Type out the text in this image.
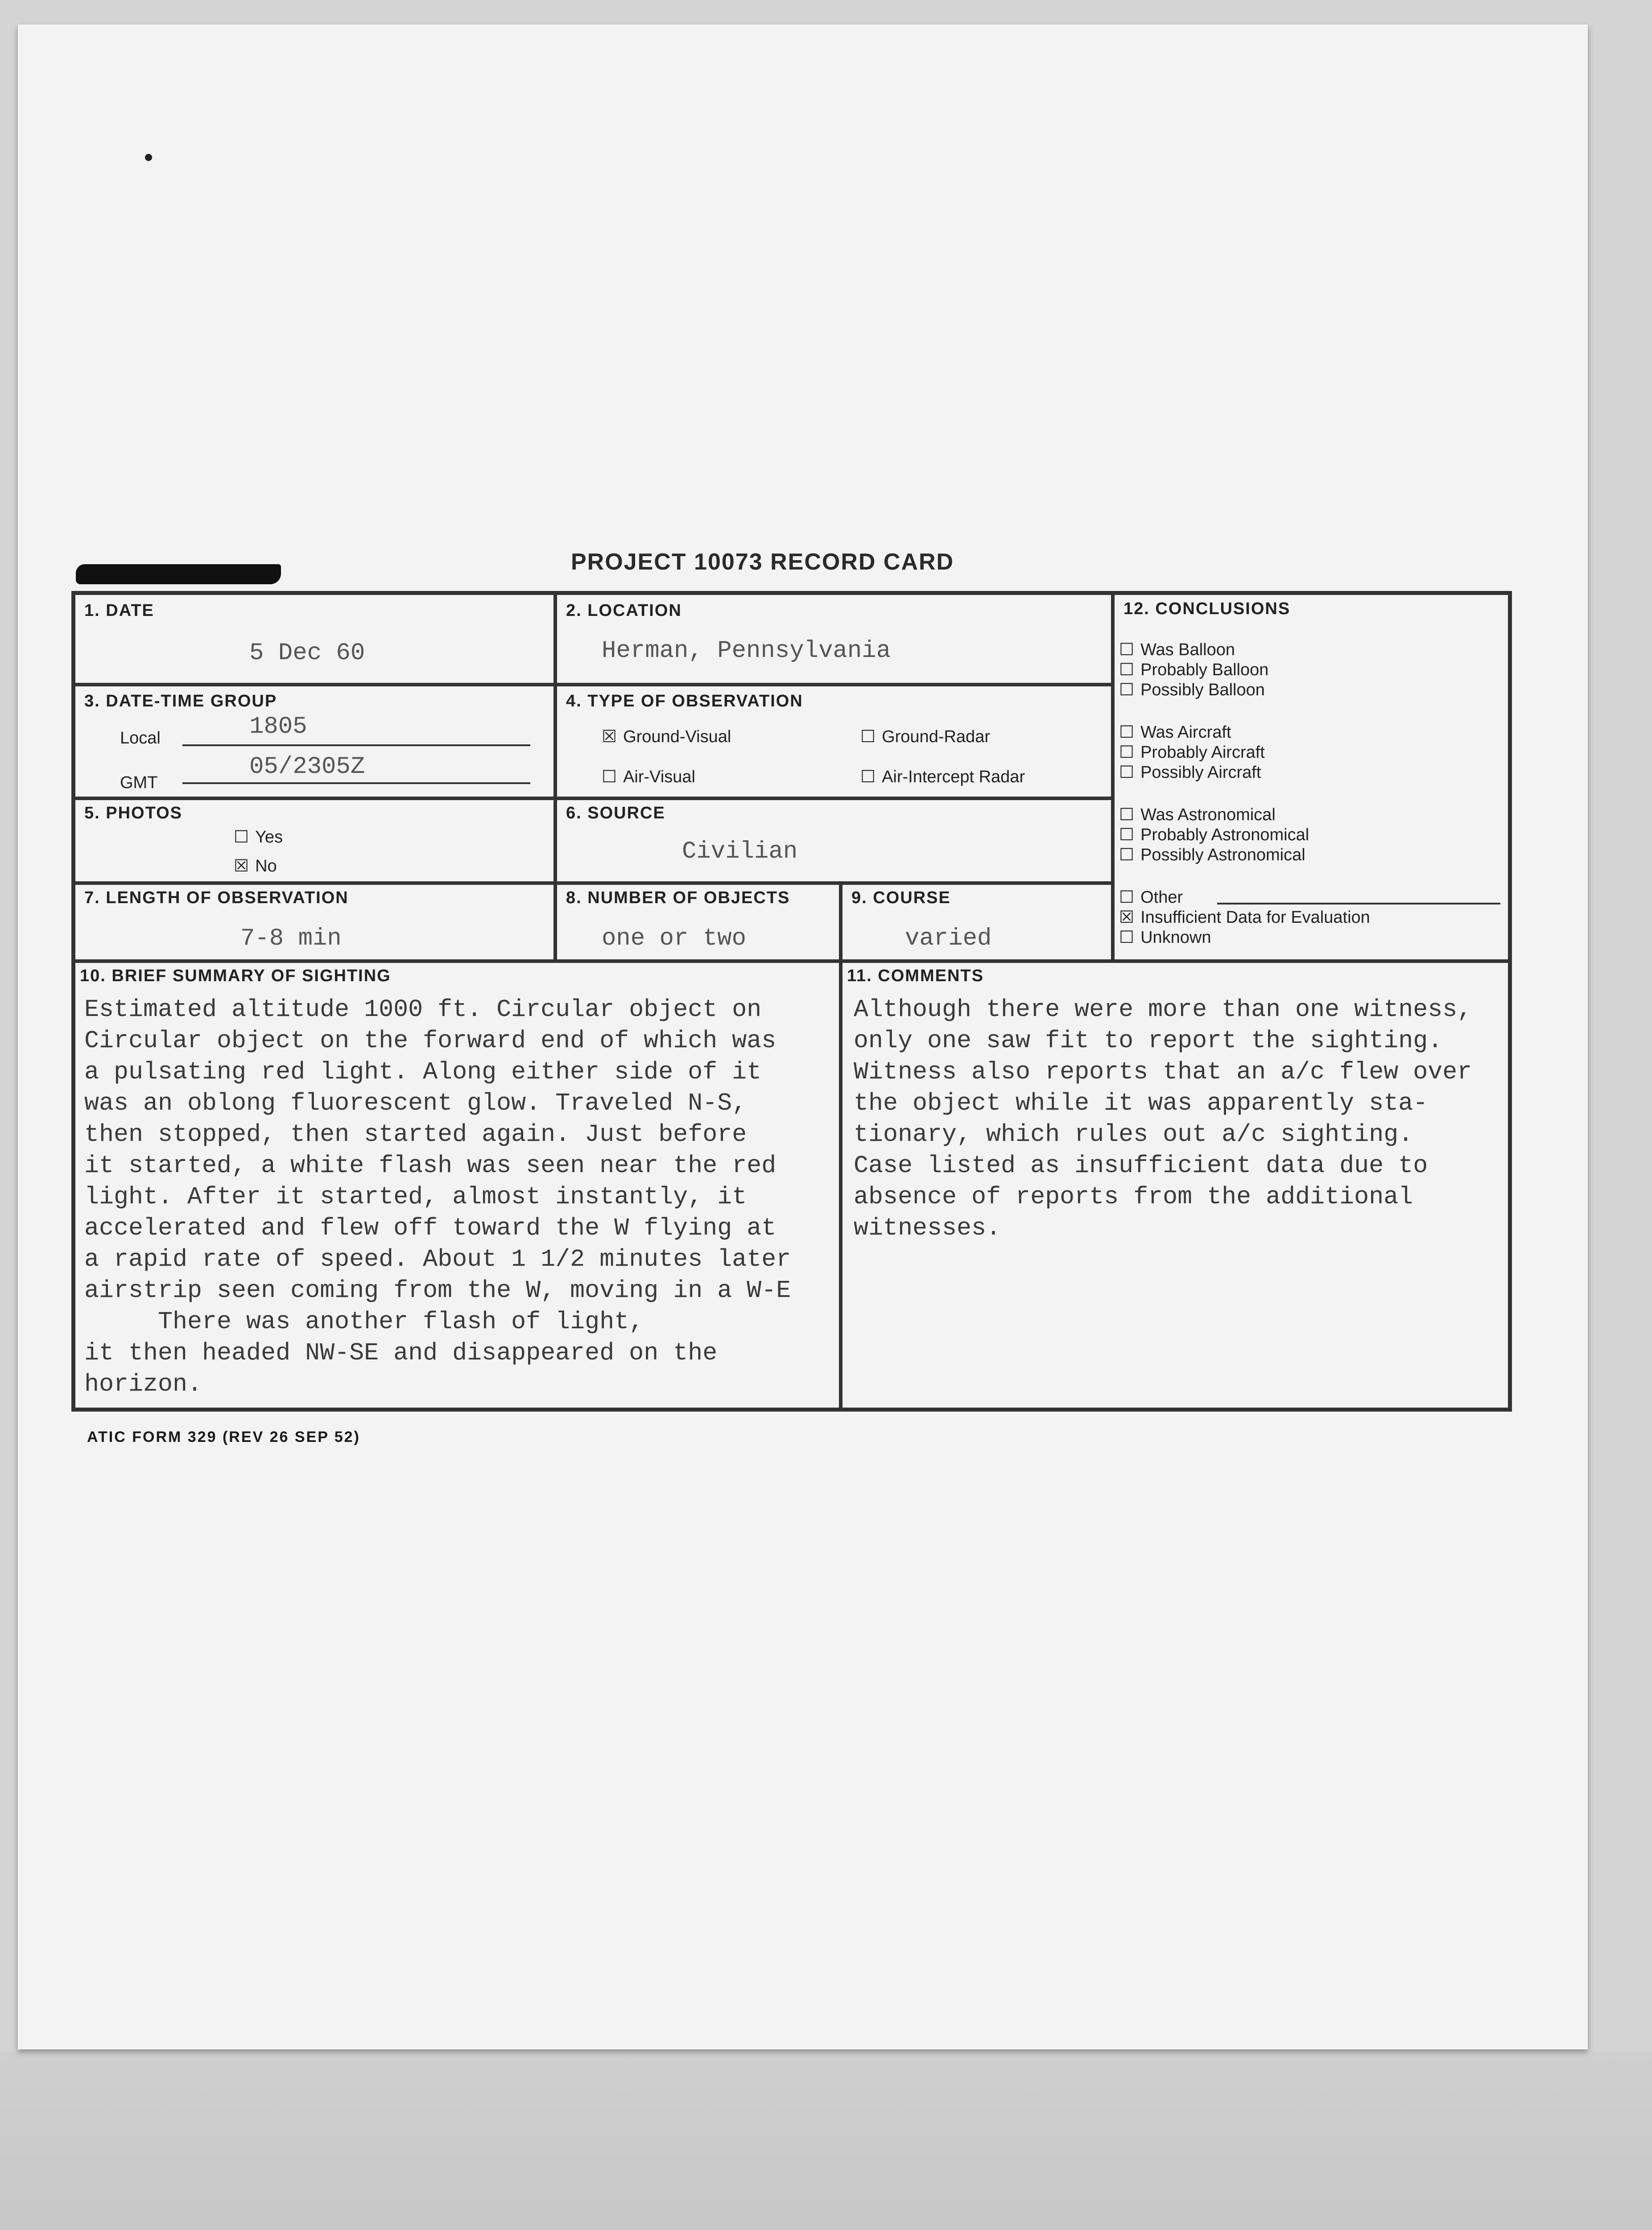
PROJECT 10073 RECORD CARD
1. DATE
5 Dec 60
2. LOCATION
Herman, Pennsylvania
3. DATE-TIME GROUP
Local	1805
GMT
05/2305Z
4. TYPE OF OBSERVATION
☒ Ground-Visual	☐ Ground-Radar
☐ Air-Visual	☐ Air-Intercept Radar
5. PHOTOS
☐ Yes
☒ No
6. SOURCE
Civilian
7. LENGTH OF OBSERVATION
7-8 min
8. NUMBER OF OBJECTS
one or two
9. COURSE
varied
12. CONCLUSIONS
☐ Was Balloon
☐ Probably Balloon
☐ Possibly Balloon
☐ Was Aircraft
☐ Probably Aircraft
☐ Possibly Aircraft
☐ Was Astronomical
☐ Probably Astronomical
☐ Possibly Astronomical
☐ Other
☒ Insufficient Data for Evaluation
☐ Unknown
10. BRIEF SUMMARY OF SIGHTING
Estimated altitude 1000 ft. Circular object on
Circular object on the forward end of which was
a pulsating red light. Along either side of it
was an oblong fluorescent glow. Traveled N-S,
then stopped, then started again. Just before
it started, a white flash was seen near the red
light. After it started, almost instantly, it
accelerated and flew off toward the W flying at
a rapid rate of speed. About 1 1/2 minutes later
airstrip seen coming from the W, moving in a W-E
There was another flash of light,
it then headed NW-SE and disappeared on the
horizon.
11. COMMENTS
Although there were more than one witness,
only one saw fit to report the sighting.
Witness also reports that an a/c flew over
the object while it was apparently sta-
tionary, which rules out a/c sighting.
Case listed as insufficient data due to
absence of reports from the additional
witnesses.
ATIC FORM 329 (REV 26 SEP 52)
